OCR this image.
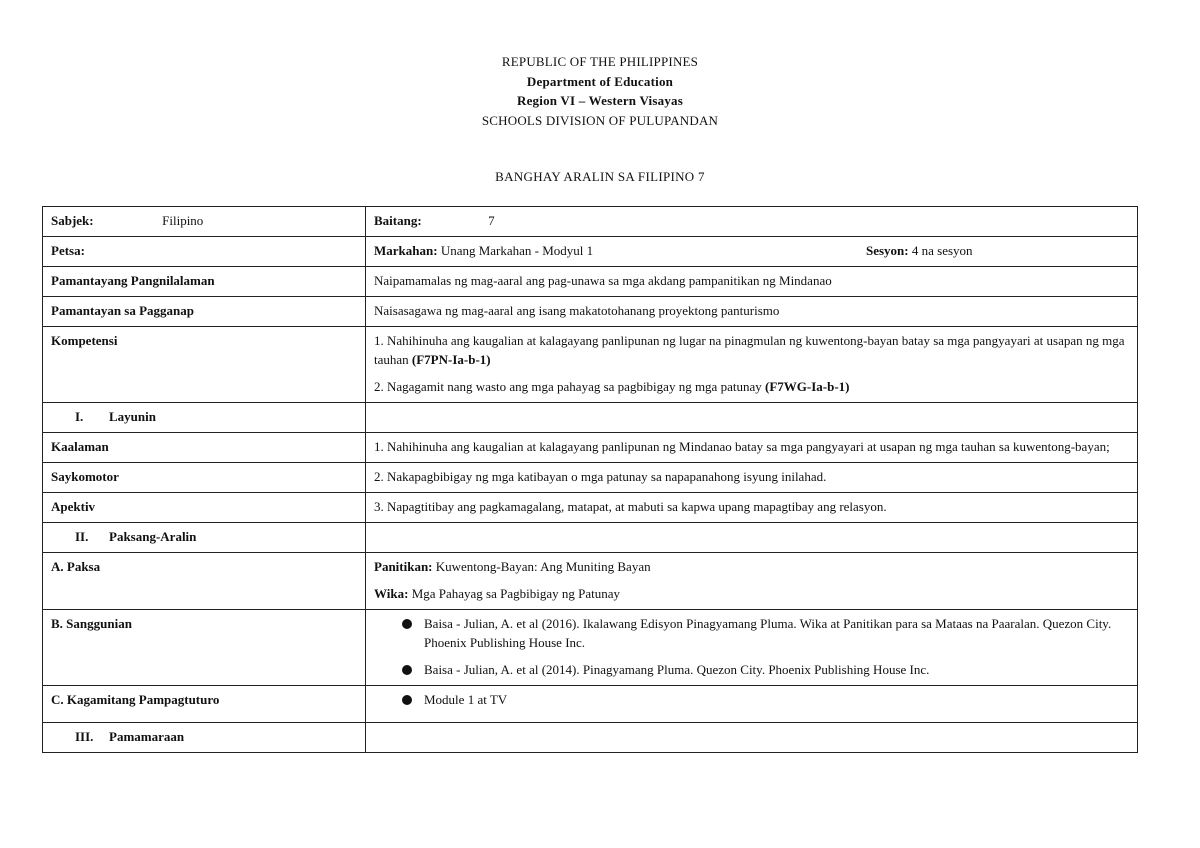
REPUBLIC OF THE PHILIPPINES
Department of Education
Region VI – Western Visayas
SCHOOLS DIVISION OF PULUPANDAN
BANGHAY ARALIN SA FILIPINO 7
Sabjek: Filipino	Baitang: 7
Petsa:	Markahan: Unang Markahan - Modyul 1 Sesyon: 4 na sesyon

Pamantayang Pangnilalaman	Naipamamalas ng mag-aaral ang pag-unawa sa mga akdang pampanitikan ng Mindanao
Pamantayan sa Pagganap	Naisasagawa ng mag-aaral ang isang makatotohanang proyektong panturismo
Kompetensi	1. Nahihinuha ang kaugalian at kalagayang panlipunan ng lugar na pinagmulan ng kuwentong-bayan batay sa mga pangyayari at usapan ng mga tauhan (F7PN-Ia-b-1)

2. Nagagamit nang wasto ang mga pahayag sa pagbibigay ng mga patunay (F7WG-Ia-b-1)

I. Layunin	
Kaalaman	1. Nahihinuha ang kaugalian at kalagayang panlipunan ng Mindanao batay sa mga pangyayari at usapan ng mga tauhan sa kuwentong-bayan;
Saykomotor	2. Nakapagbibigay ng mga katibayan o mga patunay sa napapanahong isyung inilahad.
Apektiv	3. Napagtitibay ang pagkamagalang, matapat, at mabuti sa kapwa upang mapagtibay ang relasyon.
II. Paksang-Aralin	
A. Paksa	Panitikan: Kuwentong-Bayan: Ang Muniting Bayan

Wika: Mga Pahayag sa Pagbibigay ng Patunay

B. Sanggunian	Baisa - Julian, A. et al (2016). Ikalawang Edisyon Pinagyamang Pluma. Wika at Panitikan para sa Mataas na Paaralan. Quezon City. Phoenix Publishing House Inc.
Baisa - Julian, A. et al (2014). Pinagyamang Pluma. Quezon City. Phoenix Publishing House Inc.

C. Kagamitang Pampagtuturo	Module 1 at TV

III. Pamamaraan	
